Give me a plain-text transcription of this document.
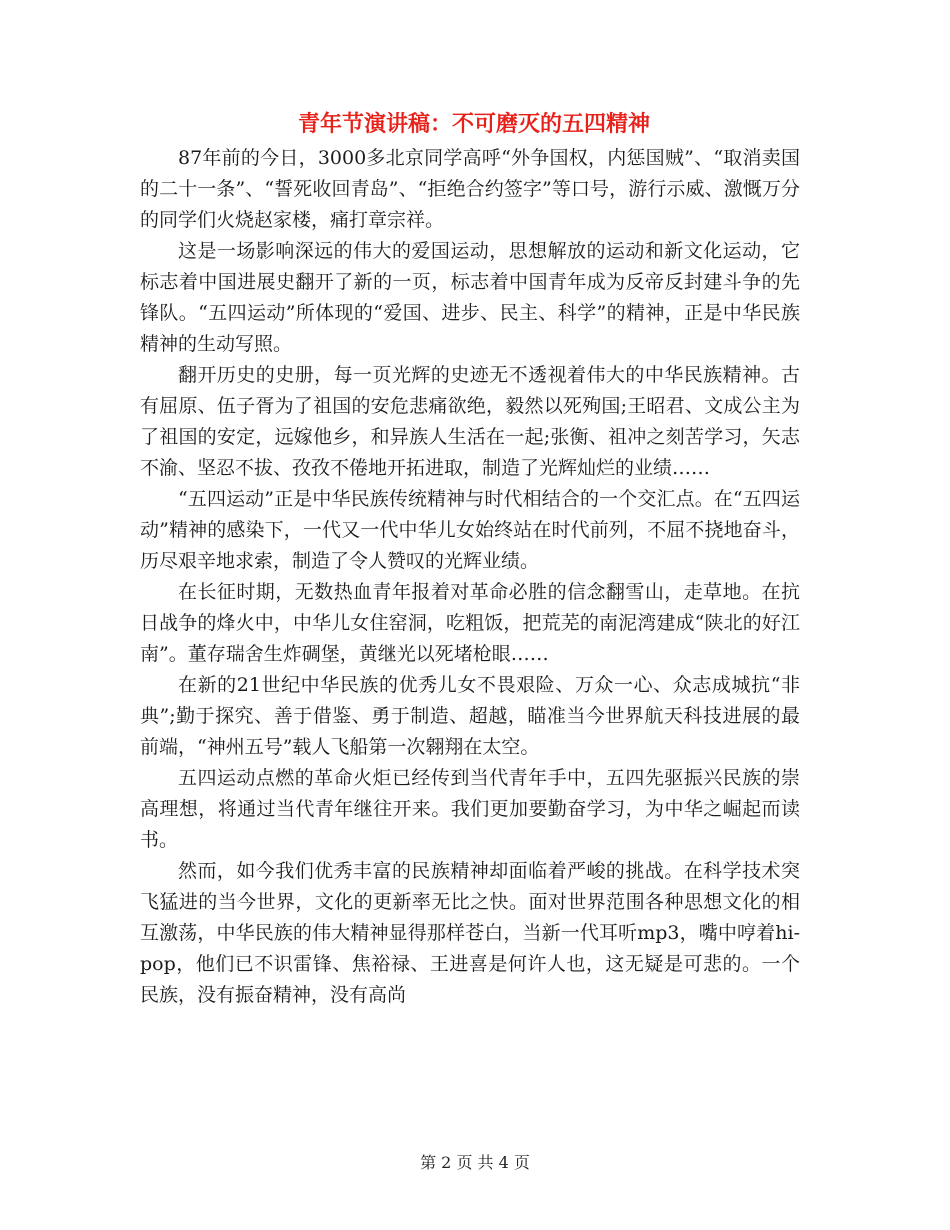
青年节演讲稿：不可磨灭的五四精神

87年前的今日，3000多北京同学高呼“外争国权，内惩国贼”、“取消卖国的二十一条”、“誓死收回青岛”、“拒绝合约签字”等口号，游行示威、激慨万分的同学们火烧赵家楼，痛打章宗祥。

这是一场影响深远的伟大的爱国运动，思想解放的运动和新文化运动，它标志着中国进展史翻开了新的一页，标志着中国青年成为反帝反封建斗争的先锋队。“五四运动”所体现的“爱国、进步、民主、科学”的精神，正是中华民族精神的生动写照。

翻开历史的史册，每一页光辉的史迹无不透视着伟大的中华民族精神。古有屈原、伍子胥为了祖国的安危悲痛欲绝，毅然以死殉国;王昭君、文成公主为了祖国的安定，远嫁他乡，和异族人生活在一起;张衡、祖冲之刻苦学习，矢志不渝、坚忍不拔、孜孜不倦地开拓进取，制造了光辉灿烂的业绩……

“五四运动”正是中华民族传统精神与时代相结合的一个交汇点。在“五四运动”精神的感染下，一代又一代中华儿女始终站在时代前列，不屈不挠地奋斗，历尽艰辛地求索，制造了令人赞叹的光辉业绩。

在长征时期，无数热血青年报着对革命必胜的信念翻雪山，走草地。在抗日战争的烽火中，中华儿女住窑洞，吃粗饭，把荒芜的南泥湾建成“陕北的好江南”。董存瑞舍生炸碉堡，黄继光以死堵枪眼……

在新的21世纪中华民族的优秀儿女不畏艰险、万众一心、众志成城抗“非典”;勤于探究、善于借鉴、勇于制造、超越，瞄准当今世界航天科技进展的最前端，“神州五号”载人飞船第一次翱翔在太空。

五四运动点燃的革命火炬已经传到当代青年手中，五四先驱振兴民族的崇高理想，将通过当代青年继往开来。我们更加要勤奋学习，为中华之崛起而读书。

然而，如今我们优秀丰富的民族精神却面临着严峻的挑战。在科学技术突飞猛进的当今世界，文化的更新率无比之快。面对世界范围各种思想文化的相互激荡，中华民族的伟大精神显得那样苍白，当新一代耳听mp3，嘴中哼着hi-pop，他们已不识雷锋、焦裕禄、王进喜是何许人也，这无疑是可悲的。一个民族，没有振奋精神，没有高尚

第 2 页 共 4 页
